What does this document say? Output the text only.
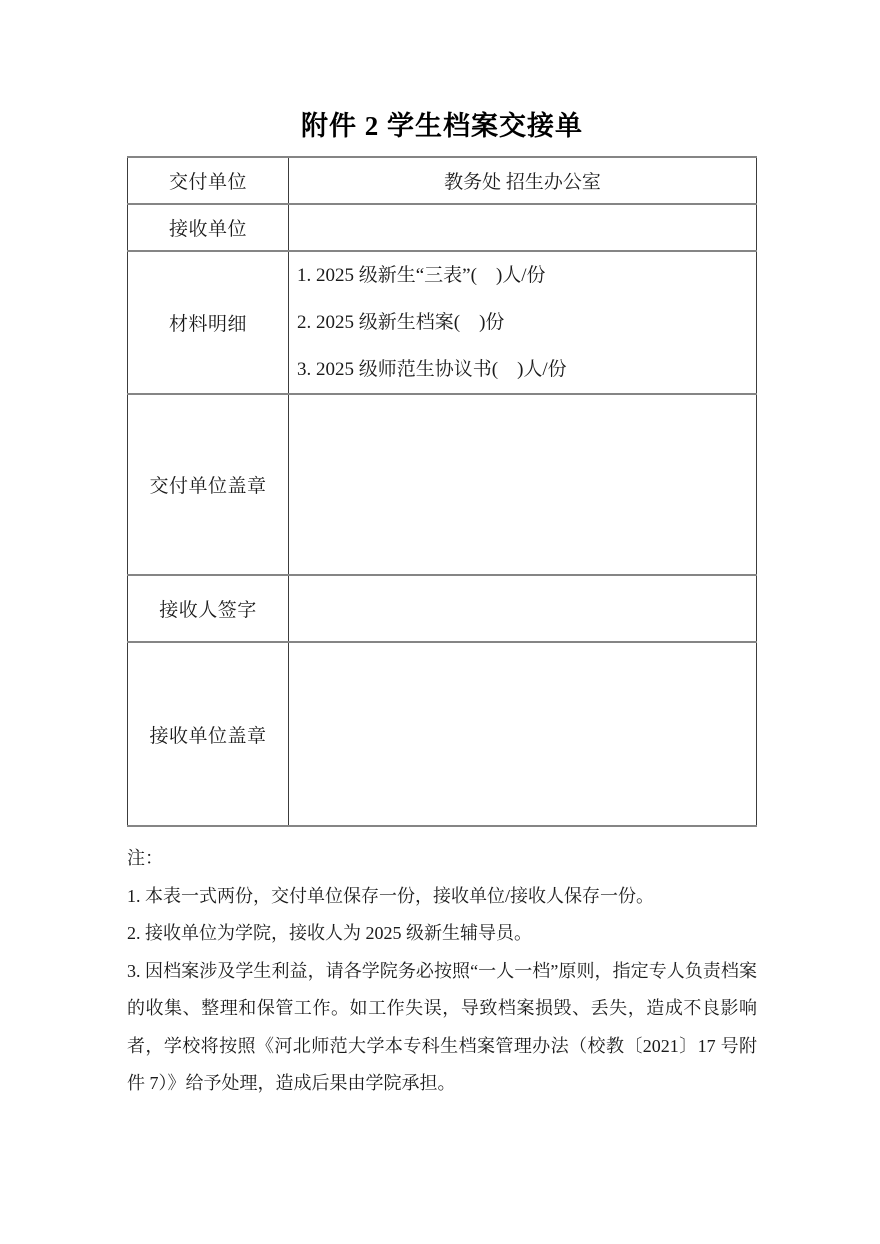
附件 2 学生档案交接单
交付单位	教务处 招生办公室
接收单位	
材料明细	1. 2025 级新生“三表”(　)人/份
2. 2025 级新生档案(　)份
3. 2025 级师范生协议书(　)人/份

交付单位盖章	
接收人签字	
接收单位盖章	

注：

1. 本表一式两份，交付单位保存一份，接收单位/接收人保存一份。

2. 接收单位为学院，接收人为 2025 级新生辅导员。

3. 因档案涉及学生利益，请各学院务必按照“一人一档”原则，指定专人负责档案的收集、整理和保管工作。如工作失误，导致档案损毁、丢失，造成不良影响者，学校将按照《河北师范大学本专科生档案管理办法（校教〔2021〕17 号附件 7）》给予处理，造成后果由学院承担。
